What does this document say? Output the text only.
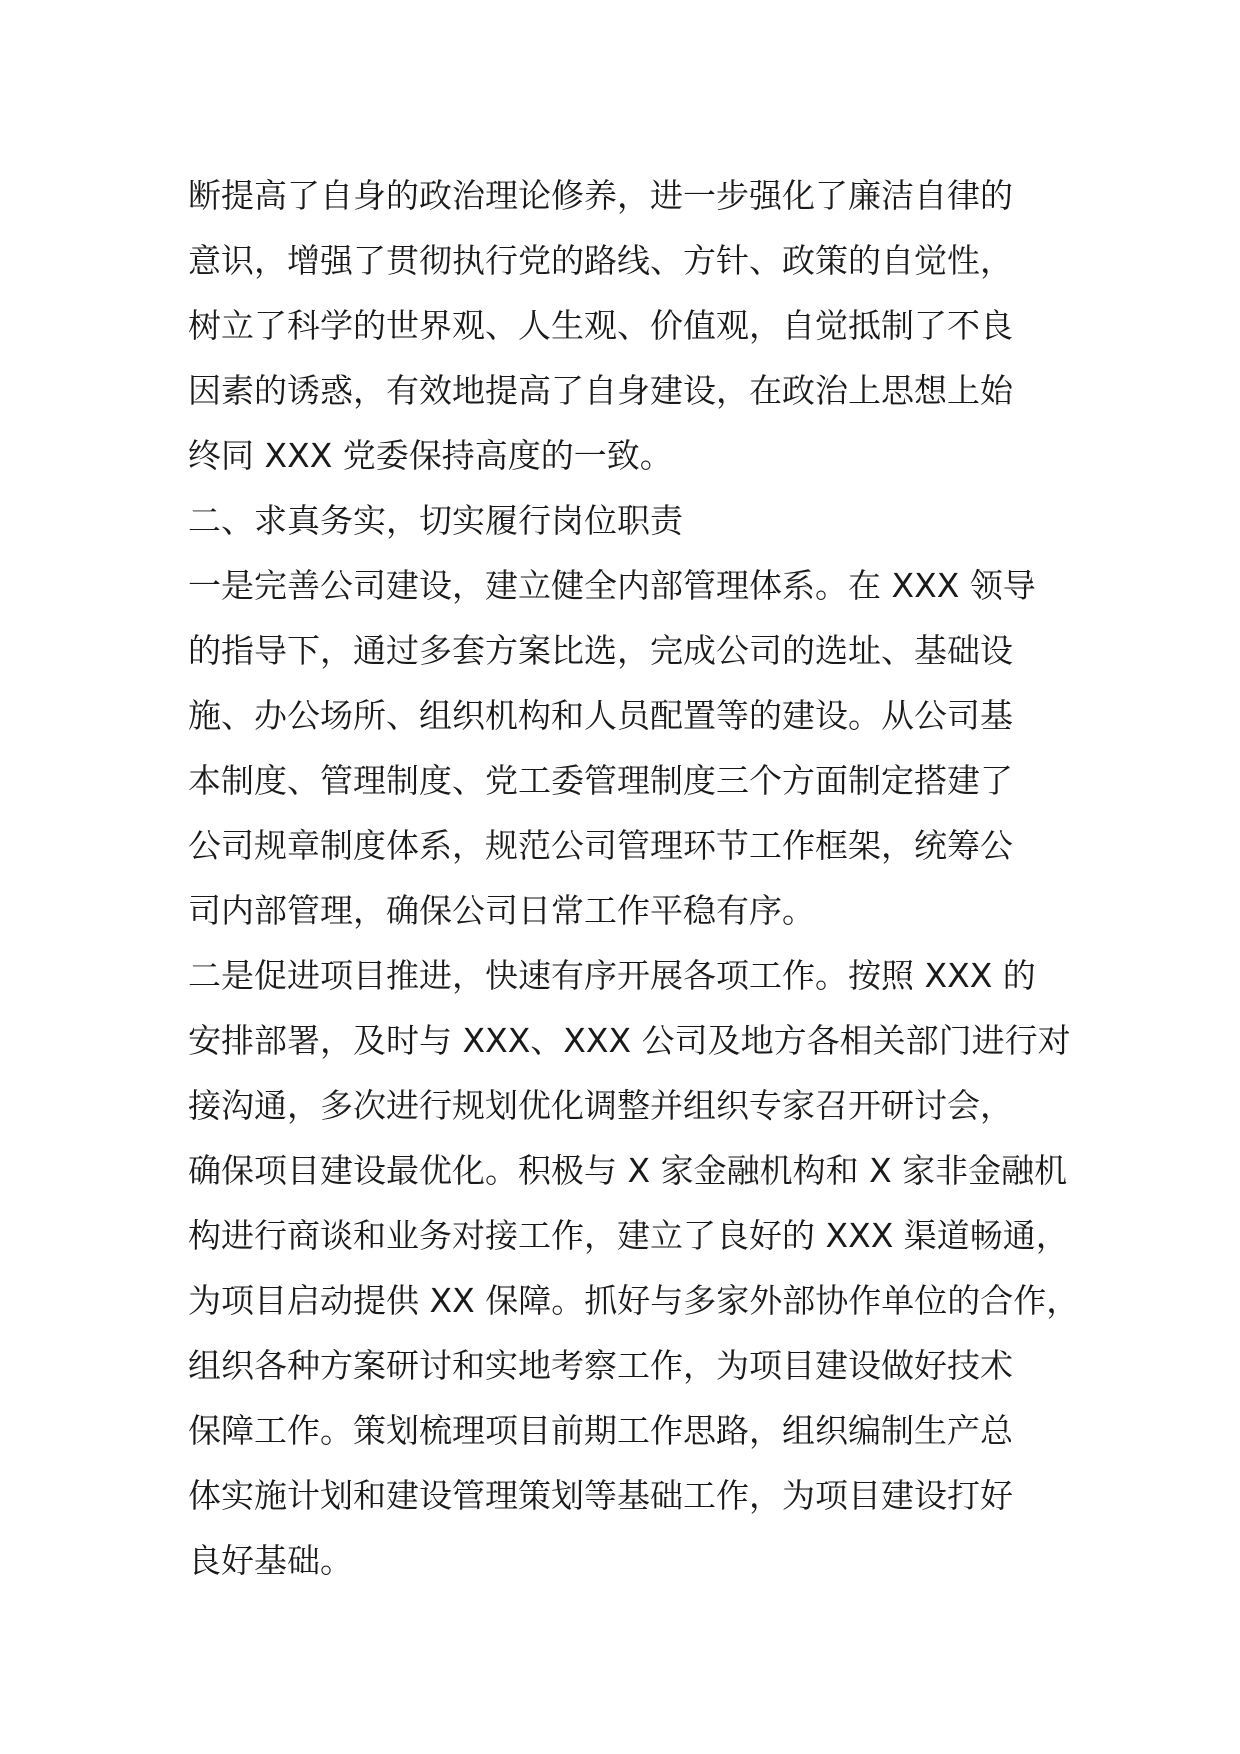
断提高了自身的政治理论修养，进一步强化了廉洁自律的
意识，增强了贯彻执行党的路线、方针、政策的自觉性，
树立了科学的世界观、人生观、价值观，自觉抵制了不良
因素的诱惑，有效地提高了自身建设，在政治上思想上始
终同 XXX 党委保持高度的一致。
二、求真务实，切实履行岗位职责
一是完善公司建设，建立健全内部管理体系。在 XXX 领导
的指导下，通过多套方案比选，完成公司的选址、基础设
施、办公场所、组织机构和人员配置等的建设。从公司基
本制度、管理制度、党工委管理制度三个方面制定搭建了
公司规章制度体系，规范公司管理环节工作框架，统筹公
司内部管理，确保公司日常工作平稳有序。
二是促进项目推进，快速有序开展各项工作。按照 XXX 的
安排部署，及时与 XXX、XXX 公司及地方各相关部门进行对
接沟通，多次进行规划优化调整并组织专家召开研讨会，
确保项目建设最优化。积极与 X 家金融机构和 X 家非金融机
构进行商谈和业务对接工作，建立了良好的 XXX 渠道畅通，
为项目启动提供 XX 保障。抓好与多家外部协作单位的合作，
组织各种方案研讨和实地考察工作，为项目建设做好技术
保障工作。策划梳理项目前期工作思路，组织编制生产总
体实施计划和建设管理策划等基础工作，为项目建设打好
良好基础。
